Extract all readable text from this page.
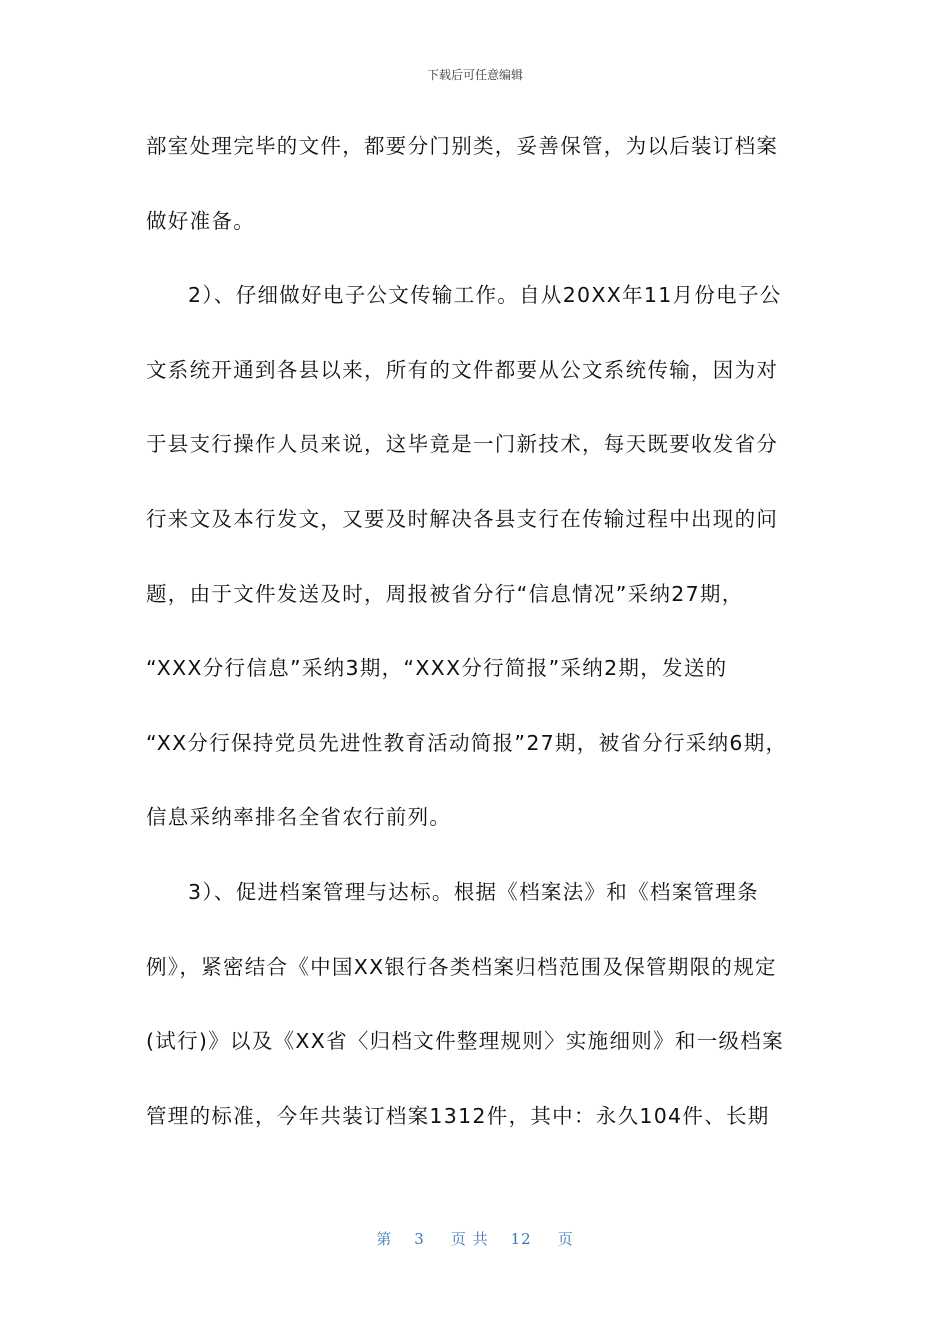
下载后可任意编辑
部室处理完毕的文件，都要分门别类，妥善保管，为以后装订档案
做好准备。
2）、仔细做好电子公文传输工作。自从20XX年11月份电子公
文系统开通到各县以来，所有的文件都要从公文系统传输，因为对
于县支行操作人员来说，这毕竟是一门新技术，每天既要收发省分
行来文及本行发文，又要及时解决各县支行在传输过程中出现的问
题，由于文件发送及时，周报被省分行“信息情况”采纳27期，
“XXX分行信息”采纳3期，“XXX分行简报”采纳2期，发送的
“XX分行保持党员先进性教育活动简报”27期，被省分行采纳6期，
信息采纳率排名全省农行前列。
3）、促进档案管理与达标。根据《档案法》和《档案管理条
例》，紧密结合《中国XX银行各类档案归档范围及保管期限的规定
(试行)》以及《XX省〈归档文件整理规则〉实施细则》和一级档案
管理的标准，今年共装订档案1312件，其中：永久104件、长期
第 3 页 共 12 页
